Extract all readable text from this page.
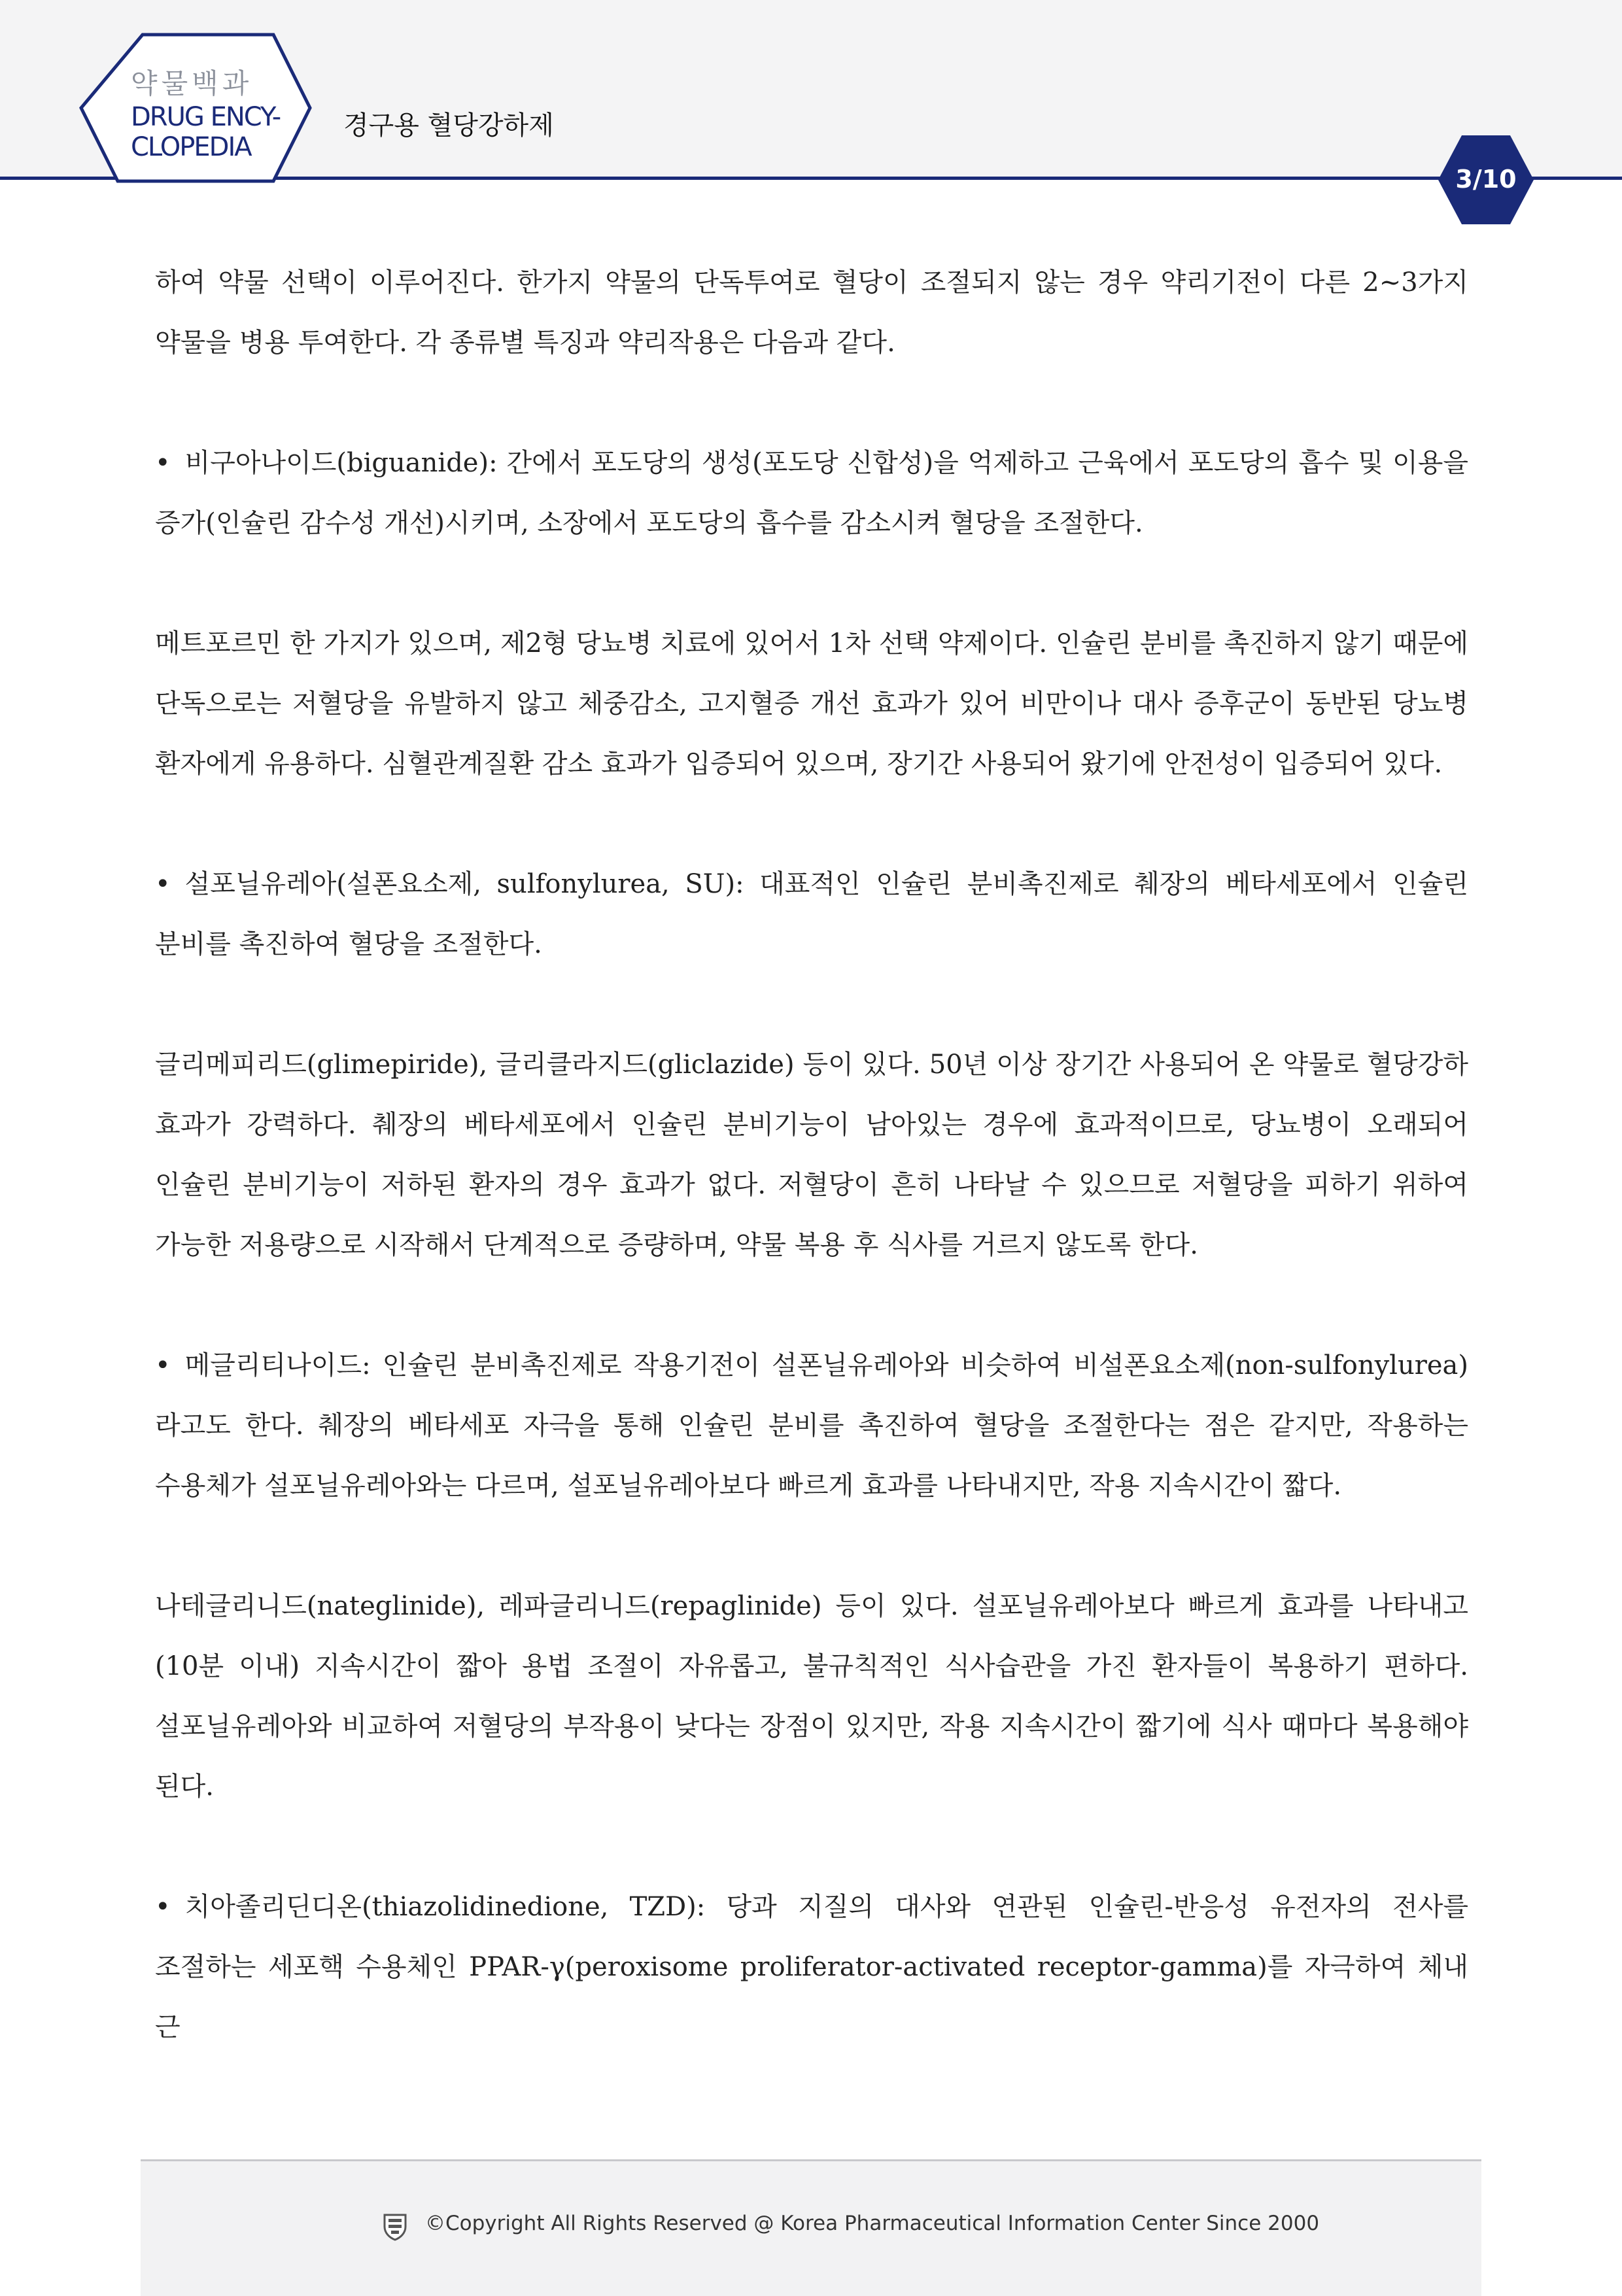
약물백과
DRUG ENCY-
CLOPEDIA
경구용 혈당강하제
3/10

하여 약물 선택이 이루어진다. 한가지 약물의 단독투여로 혈당이 조절되지 않는 경우 약리기전이 다른 2~3가지 약물을 병용 투여한다. 각 종류별 특징과 약리작용은 다음과 같다.

• 비구아나이드(biguanide): 간에서 포도당의 생성(포도당 신합성)을 억제하고 근육에서 포도당의 흡수 및 이용을 증가(인슐린 감수성 개선)시키며, 소장에서 포도당의 흡수를 감소시켜 혈당을 조절한다.

메트포르민 한 가지가 있으며, 제2형 당뇨병 치료에 있어서 1차 선택 약제이다. 인슐린 분비를 촉진하지 않기 때문에 단독으로는 저혈당을 유발하지 않고 체중감소, 고지혈증 개선 효과가 있어 비만이나 대사 증후군이 동반된 당뇨병 환자에게 유용하다. 심혈관계질환 감소 효과가 입증되어 있으며, 장기간 사용되어 왔기에 안전성이 입증되어 있다.

• 설포닐유레아(설폰요소제, sulfonylurea, SU): 대표적인 인슐린 분비촉진제로 췌장의 베타세포에서 인슐린 분비를 촉진하여 혈당을 조절한다.

글리메피리드(glimepiride), 글리클라지드(gliclazide) 등이 있다. 50년 이상 장기간 사용되어 온 약물로 혈당강하 효과가 강력하다. 췌장의 베타세포에서 인슐린 분비기능이 남아있는 경우에 효과적이므로, 당뇨병이 오래되어 인슐린 분비기능이 저하된 환자의 경우 효과가 없다. 저혈당이 흔히 나타날 수 있으므로 저혈당을 피하기 위하여 가능한 저용량으로 시작해서 단계적으로 증량하며, 약물 복용 후 식사를 거르지 않도록 한다.

• 메글리티나이드: 인슐린 분비촉진제로 작용기전이 설폰닐유레아와 비슷하여 비설폰요소제(non-sulfonylurea)라고도 한다. 췌장의 베타세포 자극을 통해 인슐린 분비를 촉진하여 혈당을 조절한다는 점은 같지만, 작용하는 수용체가 설포닐유레아와는 다르며, 설포닐유레아보다 빠르게 효과를 나타내지만, 작용 지속시간이 짧다.

나테글리니드(nateglinide), 레파글리니드(repaglinide) 등이 있다. 설포닐유레아보다 빠르게 효과를 나타내고(10분 이내) 지속시간이 짧아 용법 조절이 자유롭고, 불규칙적인 식사습관을 가진 환자들이 복용하기 편하다. 설포닐유레아와 비교하여 저혈당의 부작용이 낮다는 장점이 있지만, 작용 지속시간이 짧기에 식사 때마다 복용해야 된다.

• 치아졸리딘디온(thiazolidinedione, TZD): 당과 지질의 대사와 연관된 인슐린-반응성 유전자의 전사를 조절하는 세포핵 수용체인 PPAR-γ(peroxisome proliferator-activated receptor-gamma)를 자극하여 체내 근

©Copyright All Rights Reserved @ Korea Pharmaceutical Information Center Since 2000
